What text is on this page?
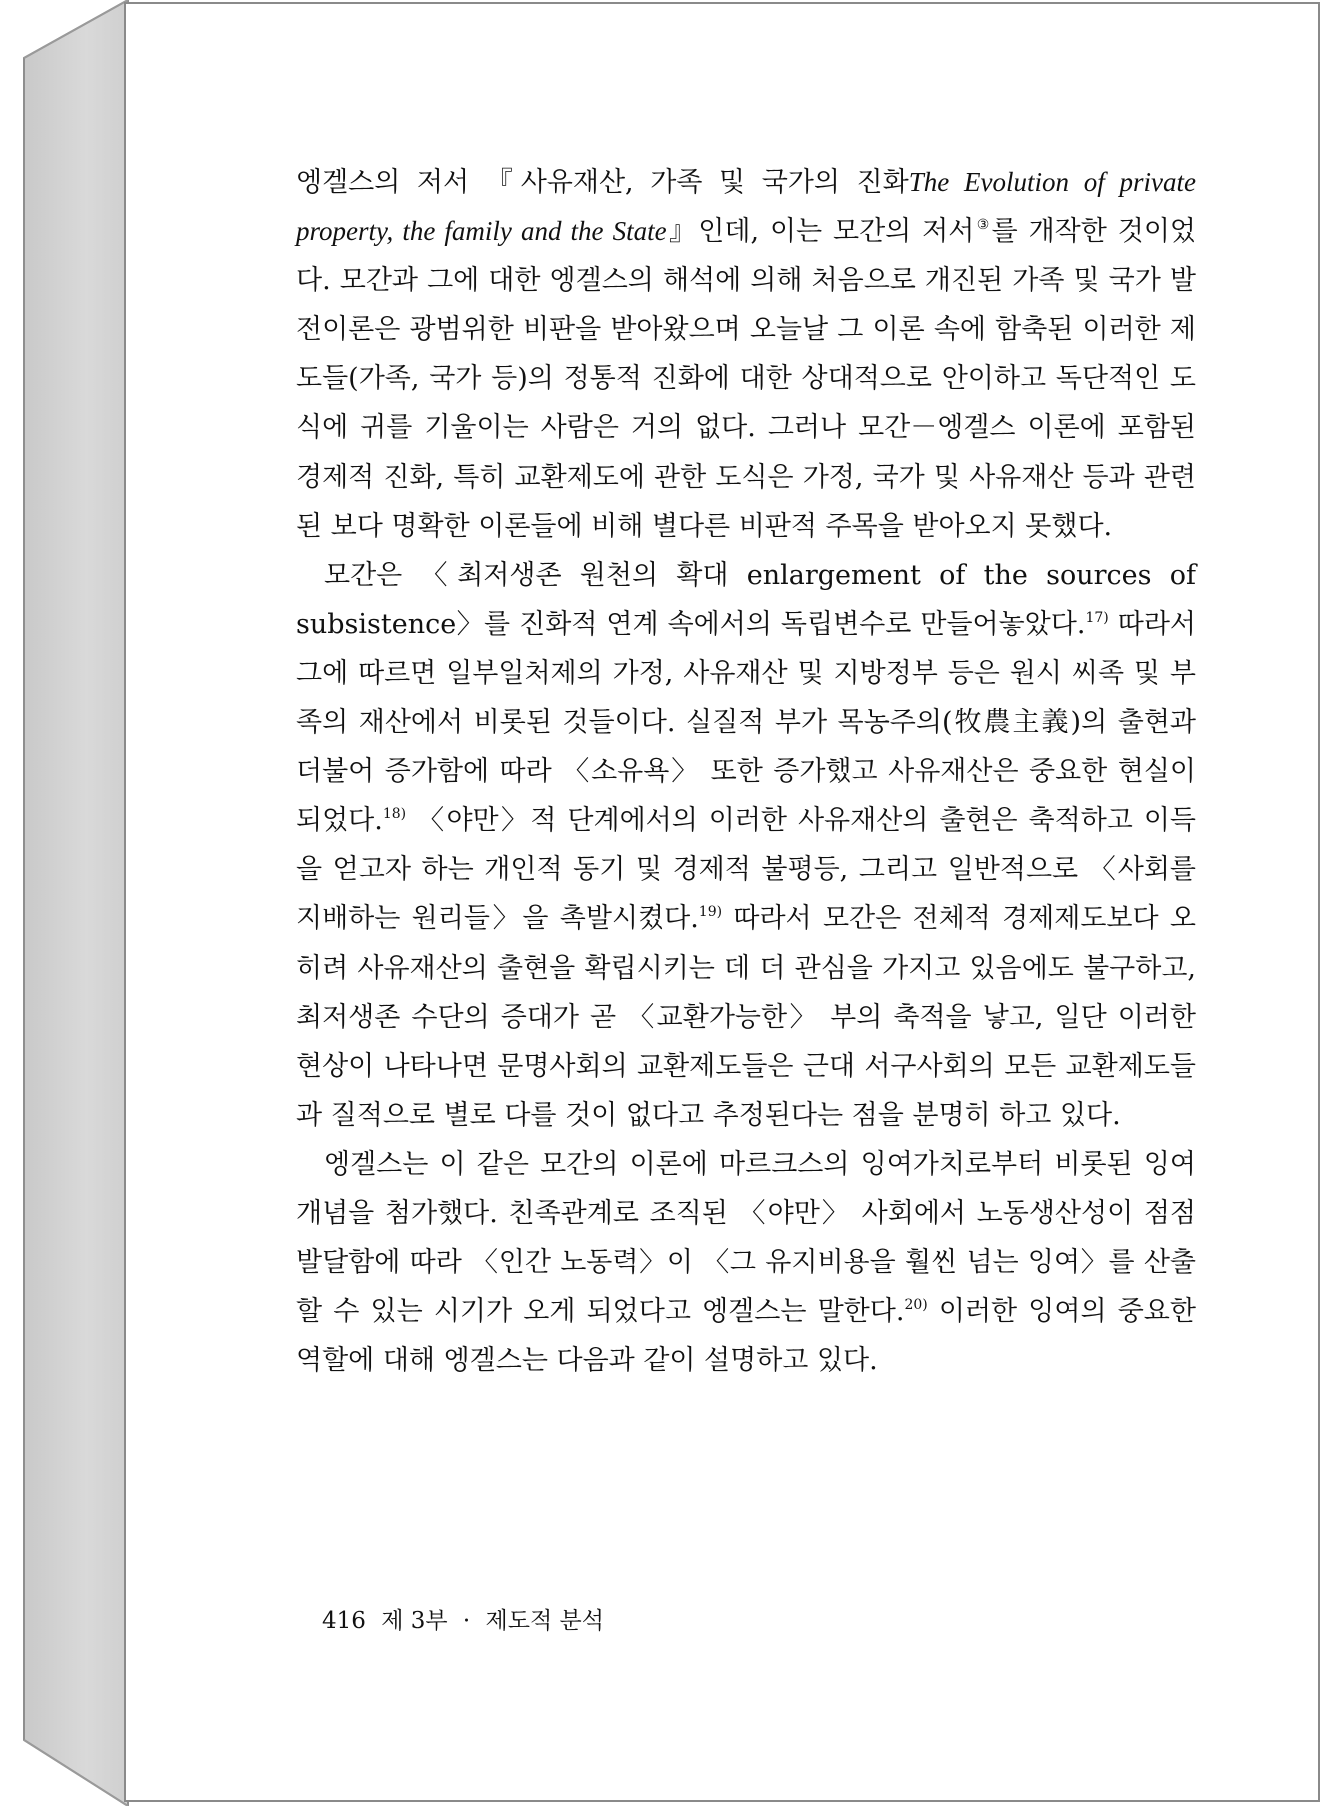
엥겔스의 저서 『사유재산, 가족 및 국가의 진화The Evolution of private property, the family and the State』인데, 이는 모간의 저서③를 개작한 것이었다. 모간과 그에 대한 엥겔스의 해석에 의해 처음으로 개진된 가족 및 국가 발전이론은 광범위한 비판을 받아왔으며 오늘날 그 이론 속에 함축된 이러한 제도들(가족, 국가 등)의 정통적 진화에 대한 상대적으로 안이하고 독단적인 도식에 귀를 기울이는 사람은 거의 없다. 그러나 모간－엥겔스 이론에 포함된 경제적 진화, 특히 교환제도에 관한 도식은 가정, 국가 및 사유재산 등과 관련된 보다 명확한 이론들에 비해 별다른 비판적 주목을 받아오지 못했다.

모간은 〈최저생존 원천의 확대 enlargement of the sources of subsistence〉를 진화적 연계 속에서의 독립변수로 만들어놓았다.$^{17)}$ 따라서 그에 따르면 일부일처제의 가정, 사유재산 및 지방정부 등은 원시 씨족 및 부족의 재산에서 비롯된 것들이다. 실질적 부가 목농주의(牧農主義)의 출현과 더불어 증가함에 따라 〈소유욕〉 또한 증가했고 사유재산은 중요한 현실이 되었다.$^{18)}$ 〈야만〉적 단계에서의 이러한 사유재산의 출현은 축적하고 이득을 얻고자 하는 개인적 동기 및 경제적 불평등, 그리고 일반적으로 〈사회를 지배하는 원리들〉을 촉발시켰다.$^{19)}$ 따라서 모간은 전체적 경제제도보다 오히려 사유재산의 출현을 확립시키는 데 더 관심을 가지고 있음에도 불구하고, 최저생존 수단의 증대가 곧 〈교환가능한〉 부의 축적을 낳고, 일단 이러한 현상이 나타나면 문명사회의 교환제도들은 근대 서구사회의 모든 교환제도들과 질적으로 별로 다를 것이 없다고 추정된다는 점을 분명히 하고 있다.

엥겔스는 이 같은 모간의 이론에 마르크스의 잉여가치로부터 비롯된 잉여 개념을 첨가했다. 친족관계로 조직된 〈야만〉 사회에서 노동생산성이 점점 발달함에 따라 〈인간 노동력〉이 〈그 유지비용을 훨씬 넘는 잉여〉를 산출할 수 있는 시기가 오게 되었다고 엥겔스는 말한다.$^{20)}$ 이러한 잉여의 중요한 역할에 대해 엥겔스는 다음과 같이 설명하고 있다.

416 제 3부 · 제도적 분석
